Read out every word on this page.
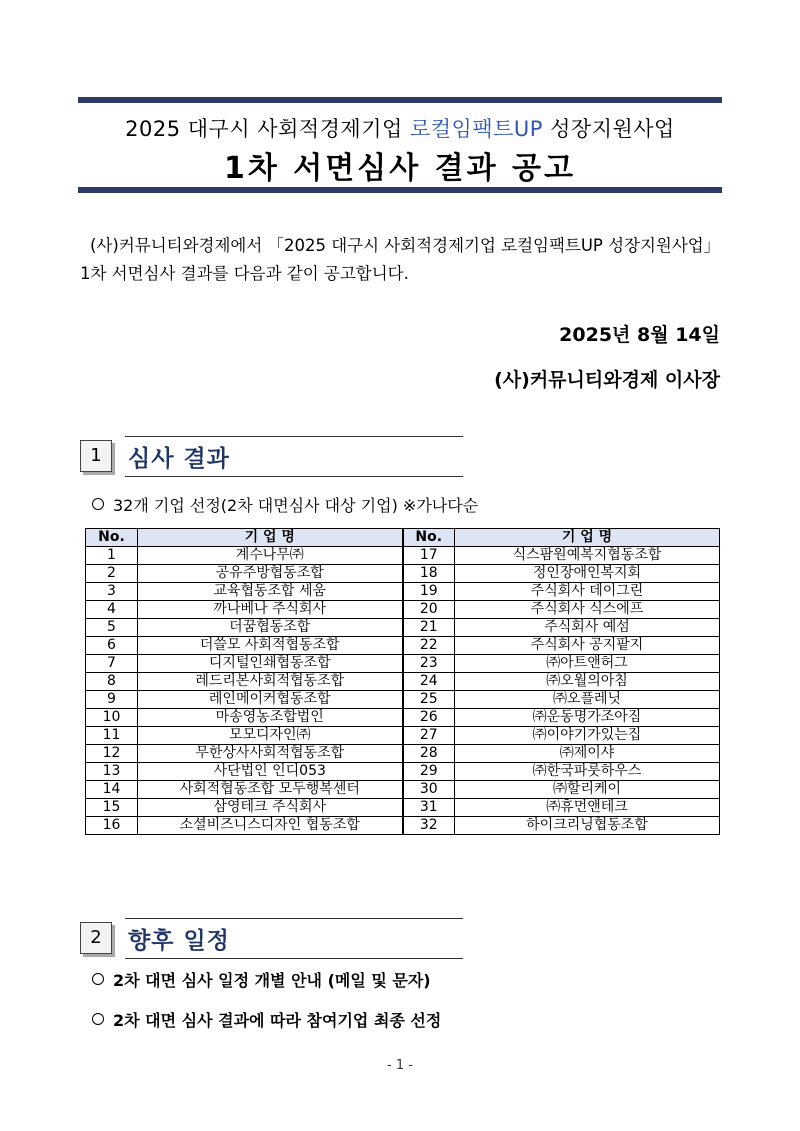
2025 대구시 사회적경제기업 로컬임팩트UP 성장지원사업
1차 서면심사 결과 공고
(사)커뮤니티와경제에서 「2025 대구시 사회적경제기업 로컬임팩트UP 성장지원사업」
1차 서면심사 결과를 다음과 같이 공고합니다.
2025년 8월 14일
(사)커뮤니티와경제 이사장
1	심사 결과
32개 기업 선정(2차 대면심사 대상 기업) ※가나다순
No.	기 업 명	No.	기 업 명
1	계수나무㈜	17	식스팜원예복지협동조합
2	공유주방협동조합	18	정인장애인복지회
3	교육협동조합 세움	19	주식회사 데이그린
4	까나베나 주식회사	20	주식회사 식스에프
5	더꿈협동조합	21	주식회사 예섬
6	더쓸모 사회적협동조합	22	주식회사 공지팥지
7	디지털인쇄협동조합	23	㈜아트앤허그
8	레드리본사회적협동조합	24	㈜오월의아침
9	레인메이커협동조합	25	㈜오플레닛
10	마송영농조합법인	26	㈜운동명가조아짐
11	모모디자인㈜	27	㈜이야기가있는집
12	무한상사사회적협동조합	28	㈜제이샤
13	사단법인 인디053	29	㈜한국파룻하우스
14	사회적협동조합 모두행복센터	30	㈜할리케이
15	삼영테크 주식회사	31	㈜휴먼앤테크
16	소셜비즈니스디자인 협동조합	32	하이크리닝협동조합
2	향후 일정
2차 대면 심사 일정 개별 안내 (메일 및 문자)
2차 대면 심사 결과에 따라 참여기업 최종 선정
- 1 -
